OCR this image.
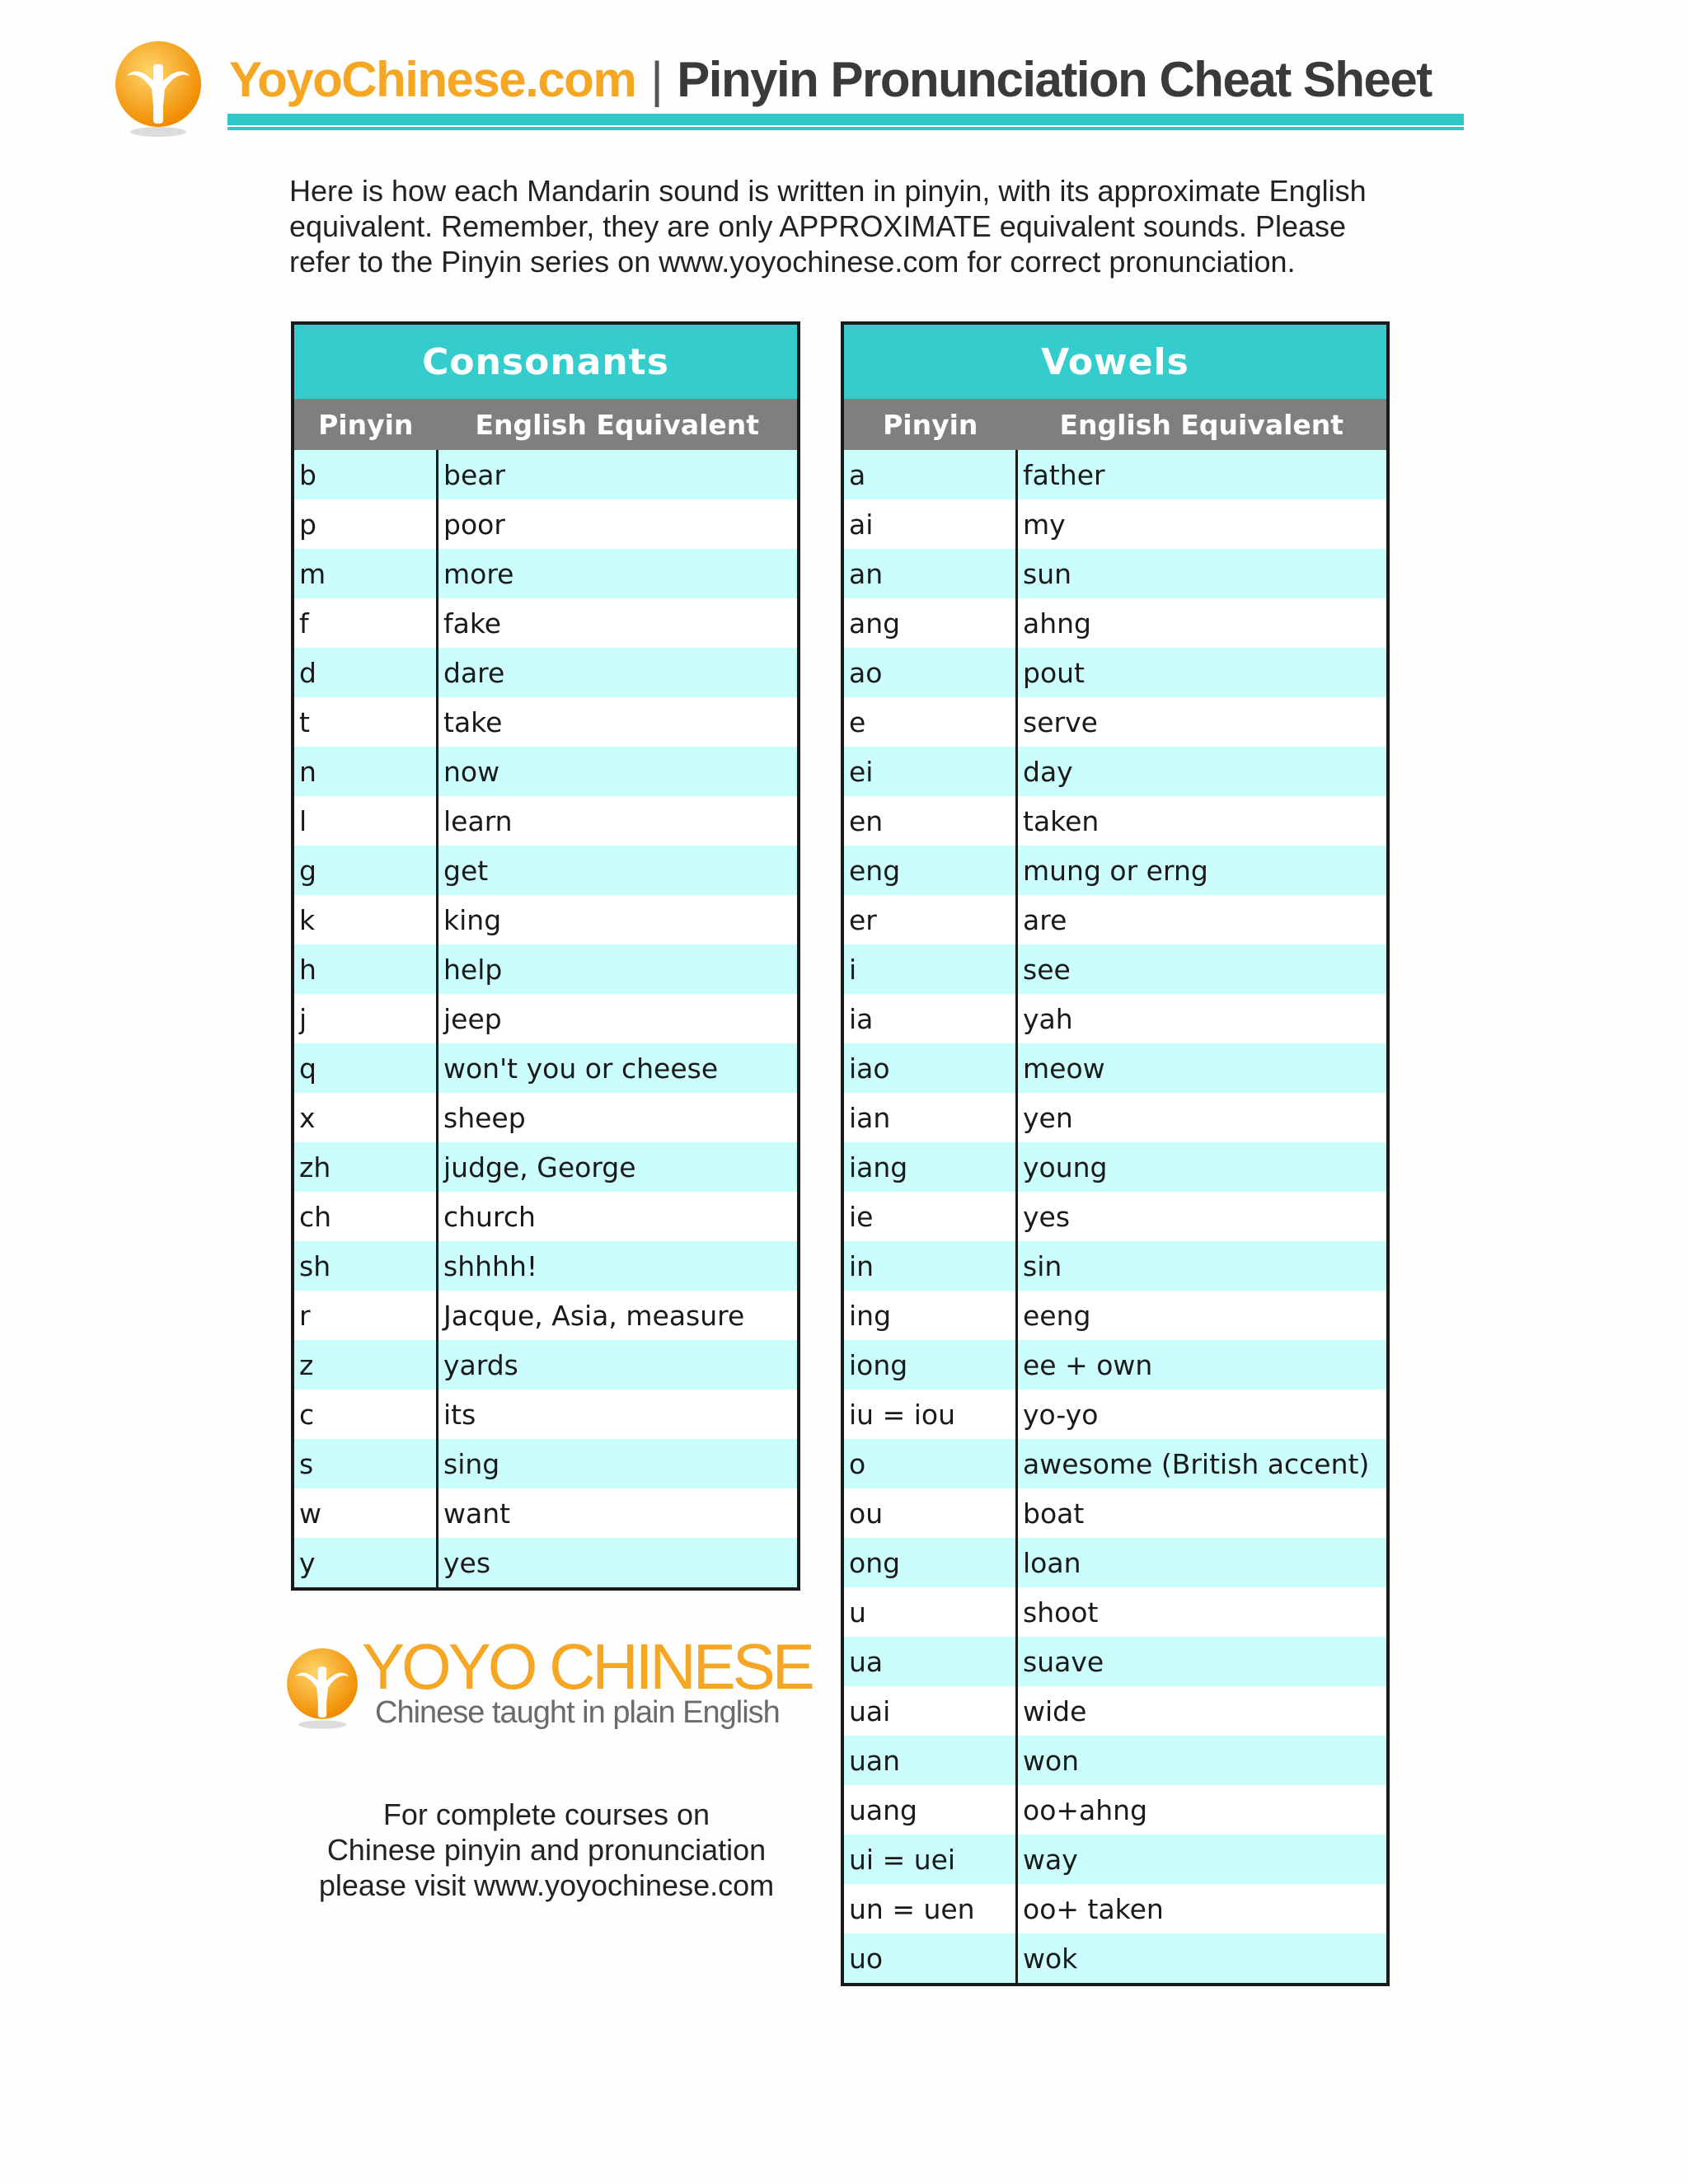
YoyoChinese.com | Pinyin Pronunciation Cheat Sheet
Here is how each Mandarin sound is written in pinyin, with its approximate English
equivalent. Remember, they are only APPROXIMATE equivalent sounds. Please
refer to the Pinyin series on www.yoyochinese.com for correct pronunciation.
Consonants	
Pinyin	English Equivalent
b	bear
p	poor
m	more
f	fake
d	dare
t	take
n	now
l	learn
g	get
k	king
h	help
j	jeep
q	won't you or cheese
x	sheep
zh	judge, George
ch	church
sh	shhhh!
r	Jacque, Asia, measure
z	yards
c	its
s	sing
w	want
y	yes
Vowels	
Pinyin	English Equivalent
a	father
ai	my
an	sun
ang	ahng
ao	pout
e	serve
ei	day
en	taken
eng	mung or erng
er	are
i	see
ia	yah
iao	meow
ian	yen
iang	young
ie	yes
in	sin
ing	eeng
iong	ee + own
iu = iou	yo-yo
o	awesome (British accent)
ou	boat
ong	loan
u	shoot
ua	suave
uai	wide
uan	won
uang	oo+ahng
ui = uei	way
un = uen	oo+ taken
uo	wok
YOYO CHINESE
Chinese taught in plain English
For complete courses on
Chinese pinyin and pronunciation
please visit www.yoyochinese.com
